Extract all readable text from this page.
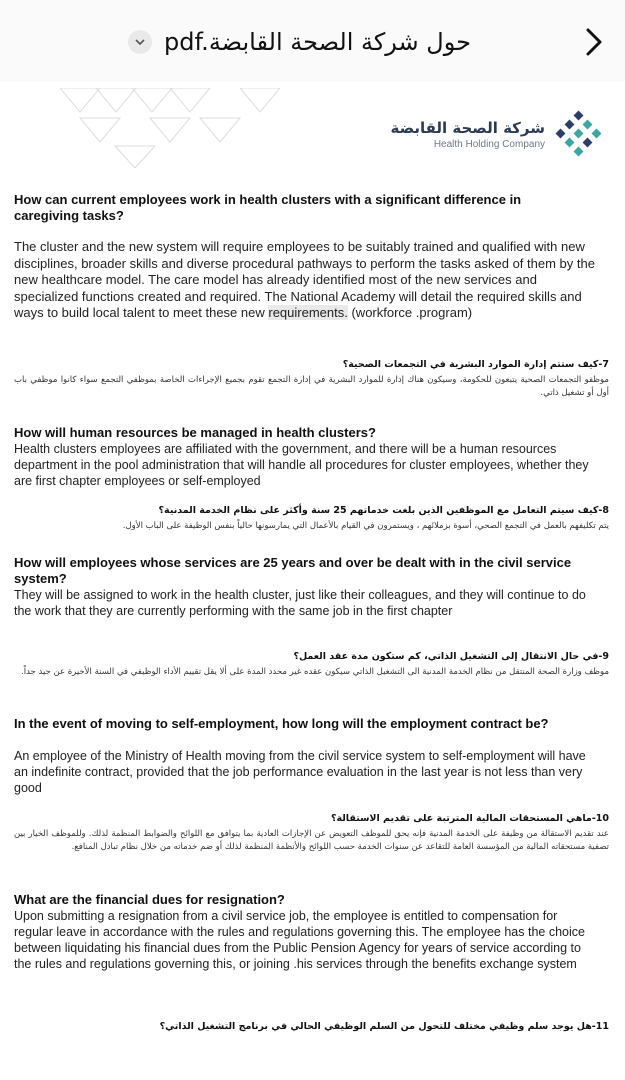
pdf.حول شركة الصحة القابضة
شركة الصحة القابضة
Health Holding Company
How can current employees work in health clusters with a significant difference in caregiving tasks?
The cluster and the new system will require employees to be suitably trained and qualified with new disciplines, broader skills and diverse procedural pathways to perform the tasks asked of them by the new healthcare model. The care model has already identified most of the new services and specialized functions created and required. The National Academy will detail the required skills and ways to build local talent to meet these new requirements. (workforce .program)
7-كيف ستتم إدارة الموارد البشرية في التجمعات الصحية؟
موظفو التجمعات الصحية يتبعون للحكومة، وسيكون هناك إدارة للموارد البشرية في إدارة التجمع تقوم بجميع الإجراءات الخاصة بموظفي التجمع سواء كانوا موظفي باب أول أو تشغيل ذاتي.
How will human resources be managed in health clusters?
Health clusters employees are affiliated with the government, and there will be a human resources department in the pool administration that will handle all procedures for cluster employees, whether they are first chapter employees or self-employed
8-كيف سيتم التعامل مع الموظفين الذين بلغت خدماتهم 25 سنة وأكثر على نظام الخدمة المدنية؟
يتم تكليفهم بالعمل في التجمع الصحي، أسوة بزملائهم ، ويستمرون في القيام بالأعمال التي يمارسونها حالياً بنفس الوظيفة على الباب الأول.
How will employees whose services are 25 years and over be dealt with in the civil service system?
They will be assigned to work in the health cluster, just like their colleagues, and they will continue to do the work that they are currently performing with the same job in the first chapter
9-في حال الانتقال إلى التشغيل الذاتي، كم ستكون مدة عقد العمل؟
موظف وزارة الصحة المنتقل من نظام الخدمة المدنية الى التشغيل الذاتي سيكون عقده غير محدد المدة على ألا يقل تقييم الأداء الوظيفي في السنة الأخيرة عن جيد جداً.
In the event of moving to self-employment, how long will the employment contract be?
An employee of the Ministry of Health moving from the civil service system to self-employment will have an indefinite contract, provided that the job performance evaluation in the last year is not less than very good
10-ماهي المستحقات المالية المترتبة على تقديم الاستقالة؟
عند تقديم الاستقالة من وظيفة على الخدمة المدنية فإنه يحق للموظف التعويض عن الإجازات العادية بما يتوافق مع اللوائح والضوابط المنظمة لذلك. وللموظف الخيار بين تصفية مستحقاته المالية من المؤسسة العامة للتقاعد عن سنوات الخدمة حسب اللوائح والأنظمة المنظمة لذلك أو ضم خدماته من خلال نظام تبادل المنافع.
What are the financial dues for resignation?
Upon submitting a resignation from a civil service job, the employee is entitled to compensation for regular leave in accordance with the rules and regulations governing this. The employee has the choice between liquidating his financial dues from the Public Pension Agency for years of service according to the rules and regulations governing this, or joining .his services through the benefits exchange system
11-هل يوجد سلم وظيفي مختلف للتحول من السلم الوظيفي الحالي في برنامج التشغيل الذاتي؟
